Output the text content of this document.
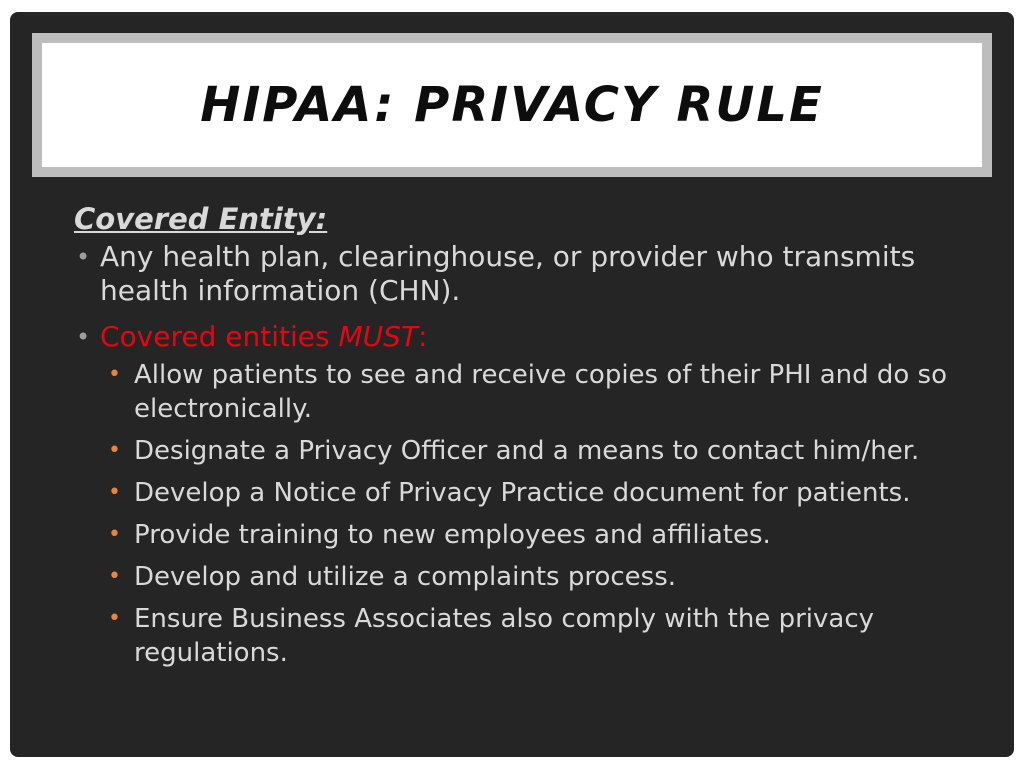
HIPAA: PRIVACY RULE
Covered Entity:
• Any health plan, clearinghouse, or provider who transmits health information (CHN).
• Covered entities MUST:
• Allow patients to see and receive copies of their PHI and do so electronically.
• Designate a Privacy Officer and a means to contact him/her.
• Develop a Notice of Privacy Practice document for patients.
• Provide training to new employees and affiliates.
• Develop and utilize a complaints process.
• Ensure Business Associates also comply with the privacy regulations.
